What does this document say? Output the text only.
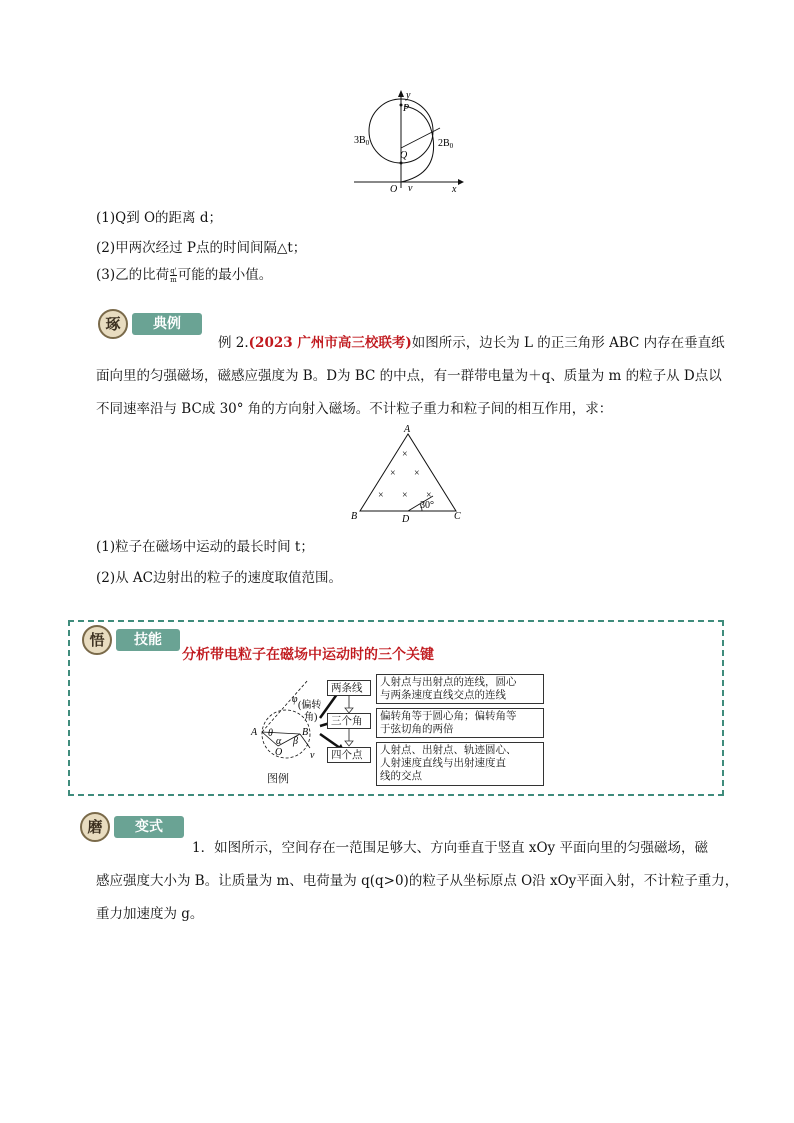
y
x
O
P
Q
v
$3B_0$	$2B_0$
(1)Q到 O的距离 d；
(2)甲两次经过 P点的时间间隔△t；
(3)乙的比荷 $\frac{q'}{m}$ 可能的最小值。
琢	典例
例 2.(2023 广州市高三校联考)如图所示，边长为 L 的正三角形 ABC 内存在垂直纸
面向里的匀强磁场，磁感应强度为 B。D为 BC 的中点，有一群带电量为＋q、质量为 m 的粒子从 D点以
不同速率沿与 BC成 30° 角的方向射入磁场。不计粒子重力和粒子间的相互作用，求：
A
B	C
D
30°
×
× ×
× × ×
(1)粒子在磁场中运动的最长时间 t；
(2)从 AC边射出的粒子的速度取值范围。
悟	技能
分析带电粒子在磁场中运动时的三个关键
A	B
O
θ
α β
φ
v
(偏转
角)
图例
两条线
三个角
四个点
人射点与出射点的连线，圆心
与两条速度直线交点的连线
偏转角等于圆心角；偏转角等
于弦切角的两倍
人射点、出射点、轨迹圆心、
人射速度直线与出射速度直
线的交点
磨	变式
1．如图所示，空间存在一范围足够大、方向垂直于竖直 xOy 平面向里的匀强磁场，磁
感应强度大小为 B。让质量为 m、电荷量为 q(q>0)的粒子从坐标原点 O沿 xOy平面入射，不计粒子重力，
重力加速度为 g。
